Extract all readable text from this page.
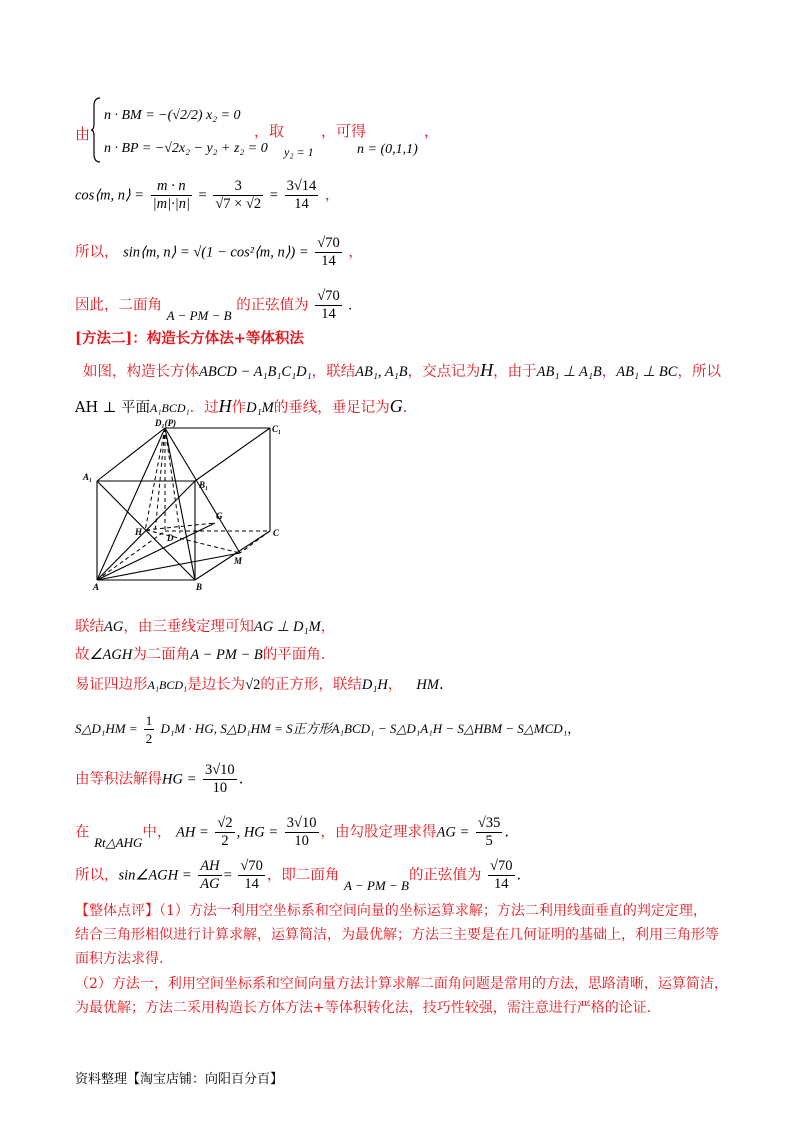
由
n · BM = −(√2/2) x₂ = 0
n · BP = −√2x₂ − y₂ + z₂ = 0
，取
y₂ = 1
，可得
n = (0,1,1)
，
cos⟨m, n⟩ = $\frac{m \cdot n}{|m|\cdot|n|} = \frac{3}{√7 \times √2} = \frac{3√14}{14}$ ，
所以， sin⟨m, n⟩ = √(1 − cos²⟨m, n⟩) = $\frac{√70}{14}$ ，
因此，二面角 A − PM − B 的正弦值为 $\frac{√70}{14}$ .
[方法二]：构造长方体法+等体积法
如图，构造长方体ABCD − A₁B₁C₁D₁，联结AB₁, A₁B，交点记为H，由于AB₁ ⊥ A₁B，AB₁ ⊥ BC，所以
AH ⊥ 平面A₁BCD₁．过H作D₁M的垂线，垂足记为G.
D₁(P)
C₁
A₁
B₁
G
H
D	C
M
A	B
联结AG，由三垂线定理可知AG ⊥ D₁M，
故∠AGH为二面角A − PM − B的平面角.
易证四边形A₁BCD₁是边长为√2的正方形，联结D₁H， HM.
S△D₁HM = $\frac{1}{2} D_1M$ · HG, S△D₁HM = S正方形A₁BCD₁ − S△D₁A₁H − S△HBM − S△MCD₁，
由等积法解得HG = $\frac{3√10}{10}$ .
在 Rt△AHG中， AH = $\frac{√2}{2}$ , HG = $\frac{3√10}{10}$ ，由勾股定理求得AG = $\frac{√35}{5}$ .
所以，sin∠AGH = $\frac{AH}{AG} = \frac{√70}{14}$ ，即二面角 A − PM − B的正弦值为 $\frac{√70}{14}$ .
【整体点评】（1）方法一利用空坐标系和空间向量的坐标运算求解；方法二利用线面垂直的判定定理，
结合三角形相似进行计算求解，运算简洁，为最优解；方法三主要是在几何证明的基础上，利用三角形等
面积方法求得.
（2）方法一，利用空间坐标系和空间向量方法计算求解二面角问题是常用的方法，思路清晰，运算简洁，
为最优解；方法二采用构造长方体方法+等体积转化法，技巧性较强，需注意进行严格的论证.
资料整理【淘宝店铺：向阳百分百】
